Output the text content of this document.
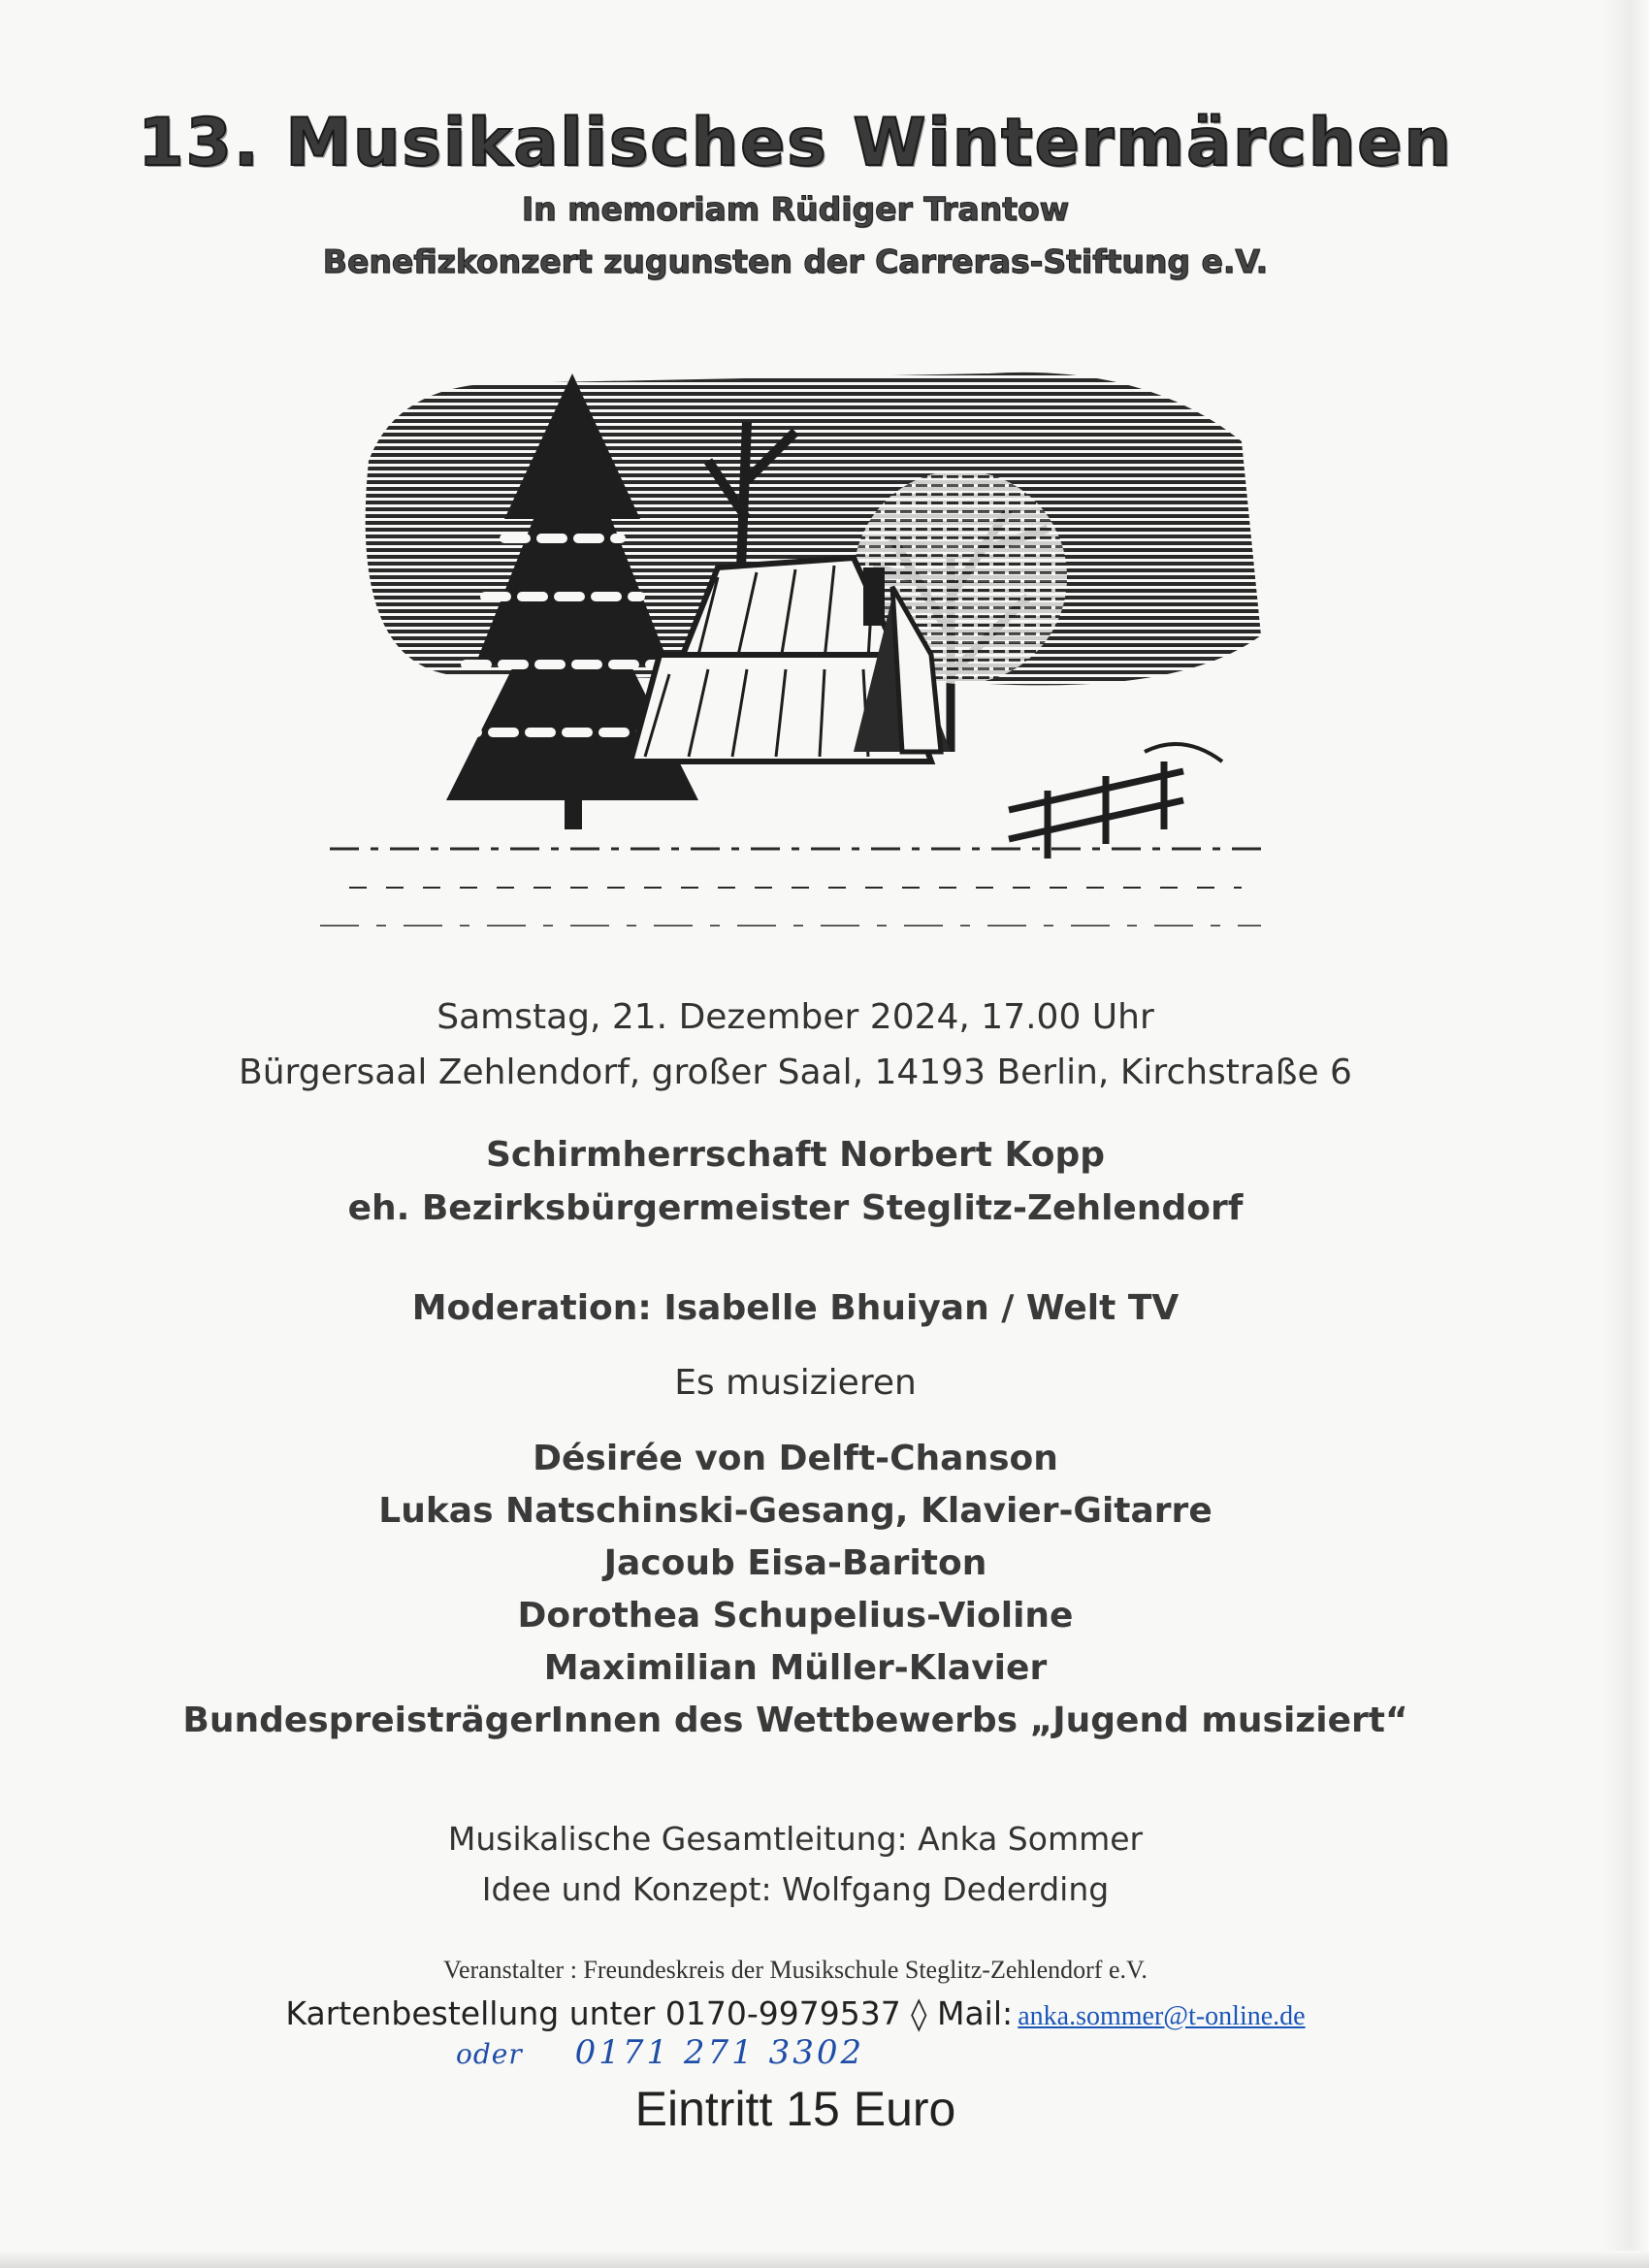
13. Musikalisches Wintermärchen
In memoriam Rüdiger Trantow
Benefizkonzert zugunsten der Carreras-Stiftung e.V.
Samstag, 21. Dezember 2024, 17.00 Uhr
Bürgersaal Zehlendorf, großer Saal, 14193 Berlin, Kirchstraße 6
Schirmherrschaft Norbert Kopp
eh. Bezirksbürgermeister Steglitz-Zehlendorf
Moderation: Isabelle Bhuiyan / Welt TV
Es musizieren
Désirée von Delft-Chanson
Lukas Natschinski-Gesang, Klavier-Gitarre
Jacoub Eisa-Bariton
Dorothea Schupelius-Violine
Maximilian Müller-Klavier
BundespreisträgerInnen des Wettbewerbs „Jugend musiziert“
Musikalische Gesamtleitung: Anka Sommer
Idee und Konzept: Wolfgang Dederding
Veranstalter : Freundeskreis der Musikschule Steglitz-Zehlendorf e.V.
Kartenbestellung unter 0170-9979537 ◊ Mail: anka.sommer@t-online.de
oder 0171 271 3302
Eintritt 15 Euro
